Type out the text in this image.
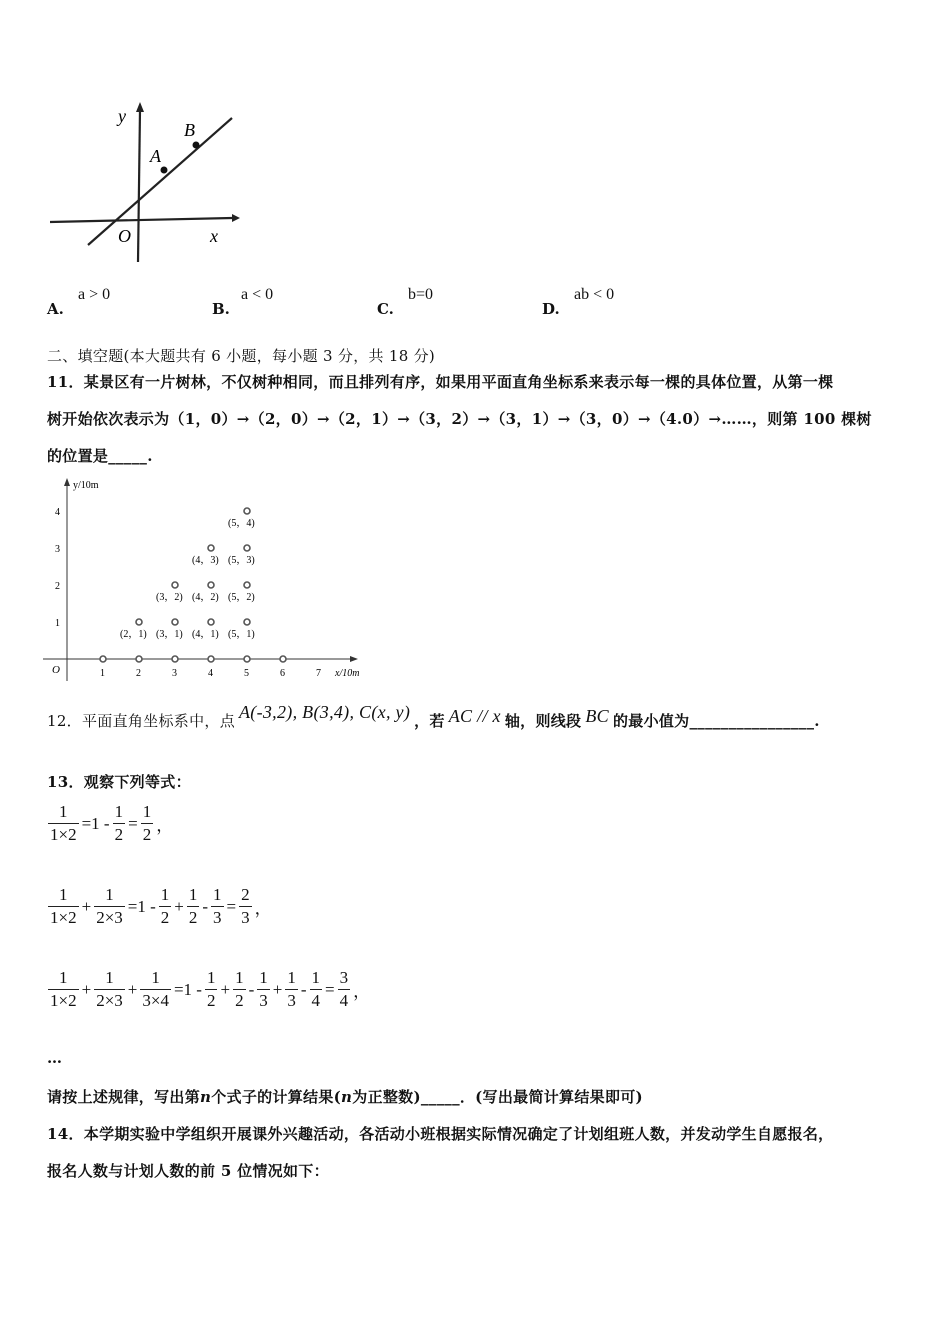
y
x
O
A
B
A.
a > 0
B.
a < 0
C.
b=0
D.
ab < 0
二、填空题(本大题共有 6 小题，每小题 3 分，共 18 分)
11．某景区有一片树林，不仅树种相同，而且排列有序，如果用平面直角坐标系来表示每一棵的具体位置，从第一棵
树开始依次表示为（1，0）→（2，0）→（2，1）→（3，2）→（3，1）→（3，0）→（4.0）→……，则第 100 棵树
的位置是_____.
y/10m
x/10m
O	1	2	3	4	5	6	7
1
2
3
4
(2，1) (3，1)
(3，2)
(4，1)
(4，2)
(4，3)
(5，1)
(5，2)
(5，3)
(5，4)
12．平面直角坐标系中，点 A(-3,2), B(3,4), C(x, y) ，若 AC // x 轴，则线段 BC 的最小值为________________.
13．观察下列等式：
$\frac{1}{1\times 2} =1 - \frac{1}{2} = \frac{1}{2}$ ，
$\frac{1}{1\times 2} + \frac{1}{2\times 3} =1 - \frac{1}{2} + \frac{1}{2} - \frac{1}{3} = \frac{2}{3}$ ，
$\frac{1}{1\times 2} + \frac{1}{2\times 3} + \frac{1}{3\times 4} =1 - \frac{1}{2} + \frac{1}{2} - \frac{1}{3} + \frac{1}{3} - \frac{1}{4} = \frac{3}{4}$ ，
…
请按上述规律，写出第n个式子的计算结果(n为正整数)_____．(写出最简计算结果即可)
14．本学期实验中学组织开展课外兴趣活动，各活动小班根据实际情况确定了计划组班人数，并发动学生自愿报名，
报名人数与计划人数的前 5 位情况如下：
